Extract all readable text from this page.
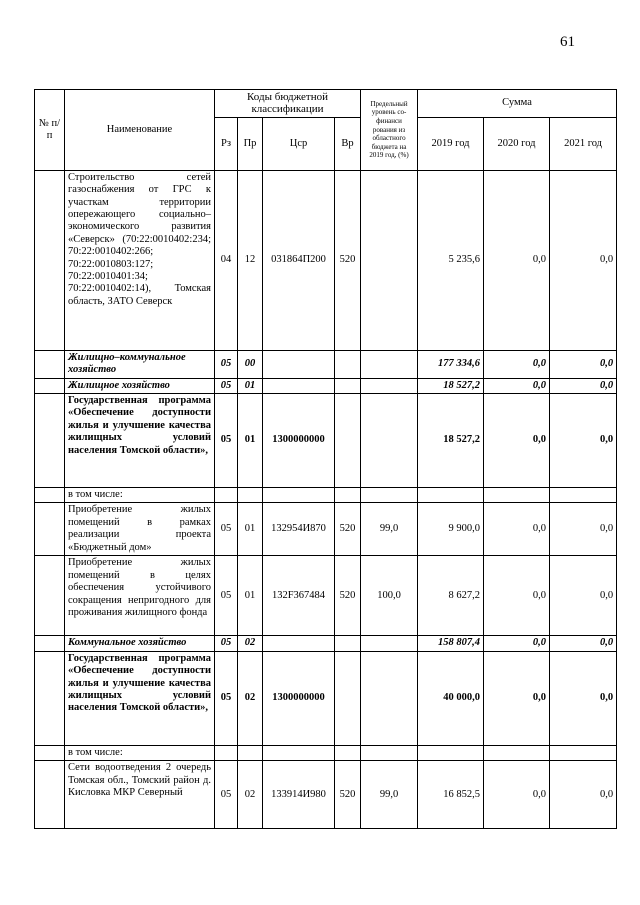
61
№ п/п	Наименование	Коды бюджетной классификации				Предельный уровень со-финанси рования из областного бюджета на 2019 год, (%)	Сумма		
		Рз	Пр	Цср	Вр		2019 год	2020 год	2021 год
	Строительство сетей газоснабжения от ГРС к участкам территории опережающего социально–экономического развития «Северск» (70:22:0010402:234; 70:22:0010402:266; 70:22:0010803:127; 70:22:0010401:34; 70:22:0010402:14), Томская область, ЗАТО Северск	04	12	031864П200	520		5 235,6	0,0	0,0
	Жилищно–коммунальное хозяйство	05	00				177 334,6	0,0	0,0
	Жилищное хозяйство	05	01				18 527,2	0,0	0,0
	Государственная программа «Обеспечение доступности жилья и улучшение качества жилищных условий населения Томской области»,	05	01	1300000000			18 527,2	0,0	0,0
	в том числе:								
	Приобретение жилых помещений в рамках реализации проекта «Бюджетный дом»	05	01	132954И870	520	99,0	9 900,0	0,0	0,0
	Приобретение жилых помещений в целях обеспечения устойчивого сокращения непригодного для проживания жилищного фонда	05	01	132F367484	520	100,0	8 627,2	0,0	0,0
	Коммунальное хозяйство	05	02				158 807,4	0,0	0,0
	Государственная программа «Обеспечение доступности жилья и улучшение качества жилищных условий населения Томской области»,	05	02	1300000000			40 000,0	0,0	0,0
	в том числе:								
	Сети водоотведения 2 очередь Томская обл., Томский район д. Кисловка МКР Северный	05	02	133914И980	520	99,0	16 852,5	0,0	0,0
